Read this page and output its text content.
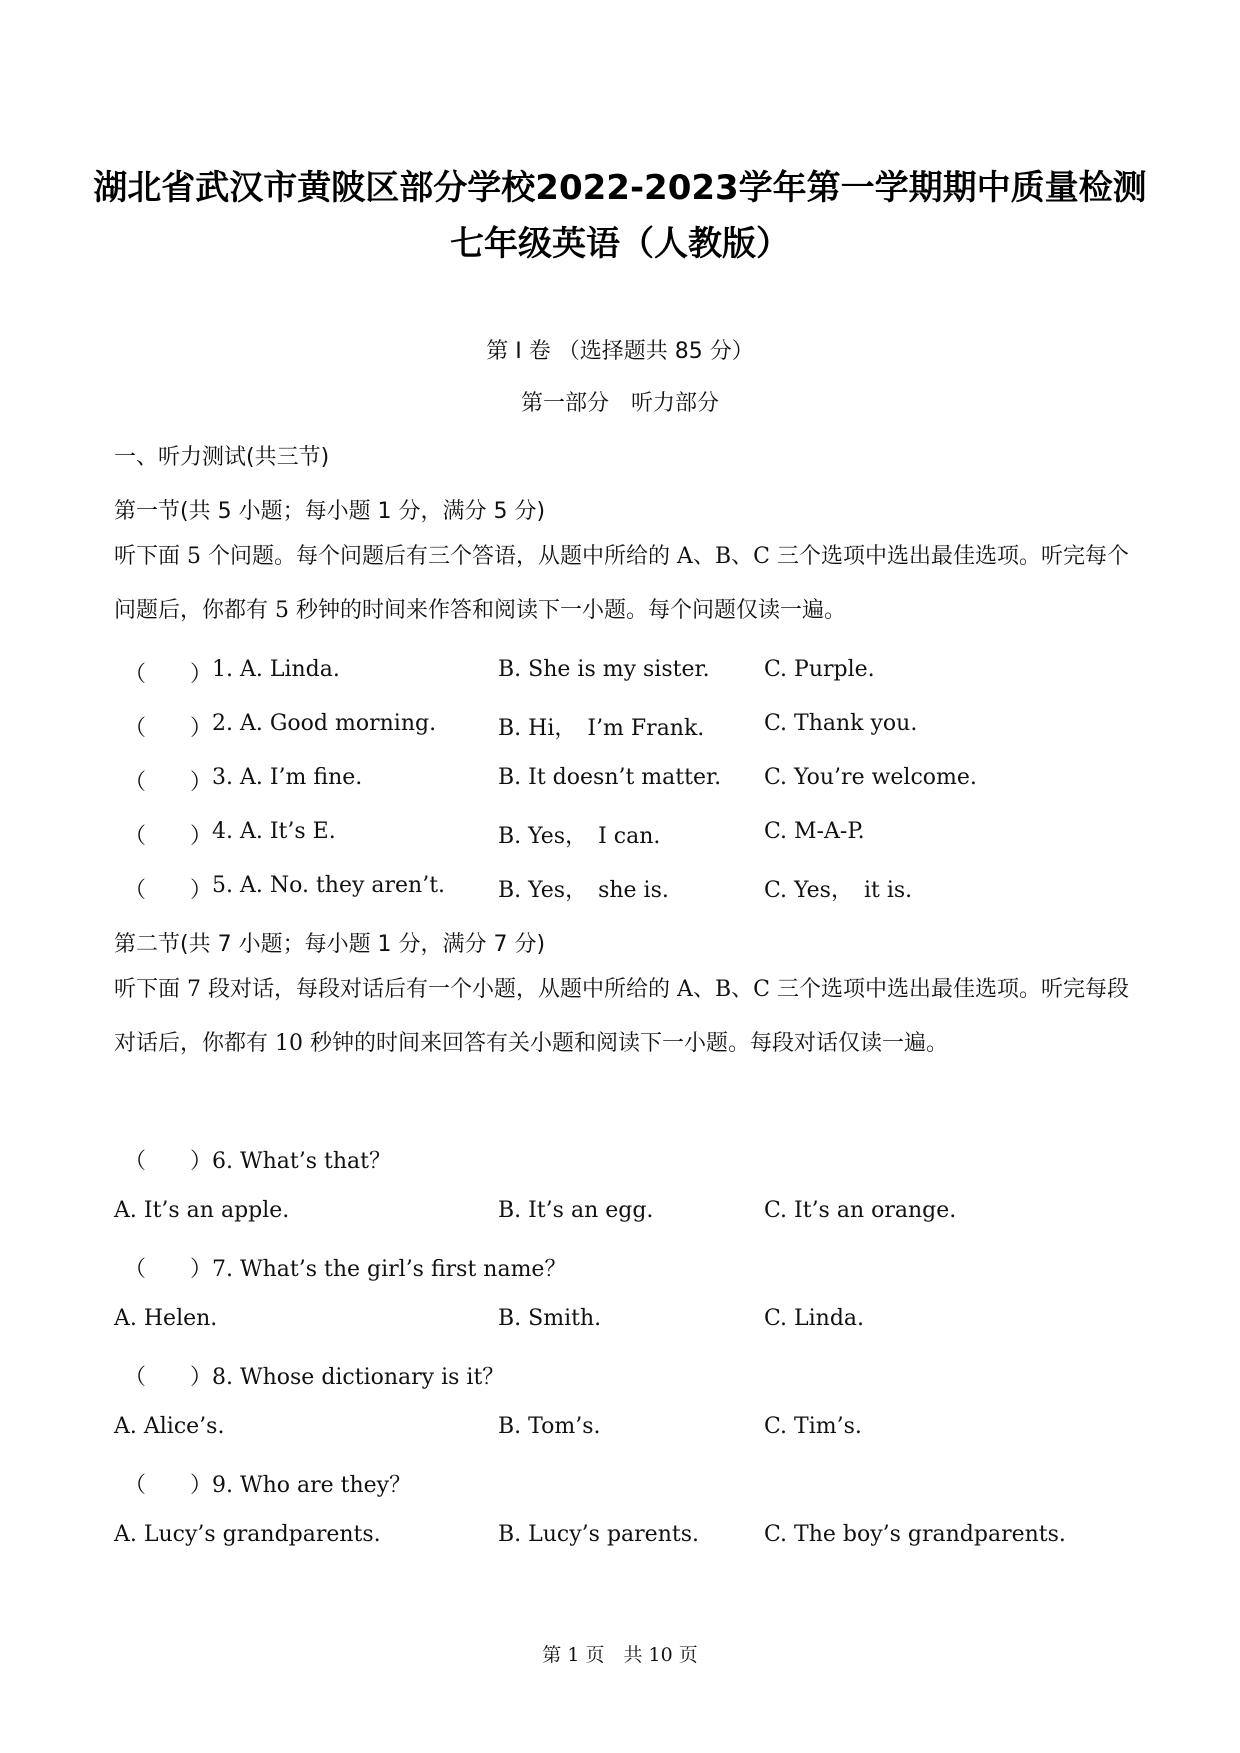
湖北省武汉市黄陂区部分学校2022-2023学年第一学期期中质量检测
七年级英语（人教版）
第 Ⅰ 卷 （选择题共 85 分）
第一部分　听力部分
一、听力测试(共三节)
第一节(共 5 小题；每小题 1 分，满分 5 分)
听下面 5 个问题。每个问题后有三个答语，从题中所给的 A、B、C 三个选项中选出最佳选项。听完每个问题后，你都有 5 秒钟的时间来作答和阅读下一小题。每个问题仅读一遍。
（　　） 1. A. Linda.	B. She is my sister. C. Purple.
（　　） 2. A. Good morning.	B. Hi，　I’m Frank.	C. Thank you.
（　　） 3. A. I’m fine.	B. It doesn’t matter. C. You’re welcome.
（　　） 4. A. It’s E.	B. Yes，　I can.	C. M-A-P.
（　　） 5. A. No. they aren’t. B. Yes，　she is.	C. Yes，　it is.
第二节(共 7 小题；每小题 1 分，满分 7 分)
听下面 7 段对话，每段对话后有一个小题，从题中所给的 A、B、C 三个选项中选出最佳选项。听完每段对话后，你都有 10 秒钟的时间来回答有关小题和阅读下一小题。每段对话仅读一遍。
（　　） 6. What’s that？
A. It’s an apple.	B. It’s an egg.	C. It’s an orange.
（　　） 7. What’s the girl’s first name？
A. Helen.	B. Smith.	C. Linda.
（　　） 8. Whose dictionary is it？
A. Alice’s.	B. Tom’s.	C. Tim’s.
（　　） 9. Who are they？
A. Lucy’s grandparents.	B. Lucy’s parents.	C. The boy’s grandparents.
第 1 页　共 10 页
